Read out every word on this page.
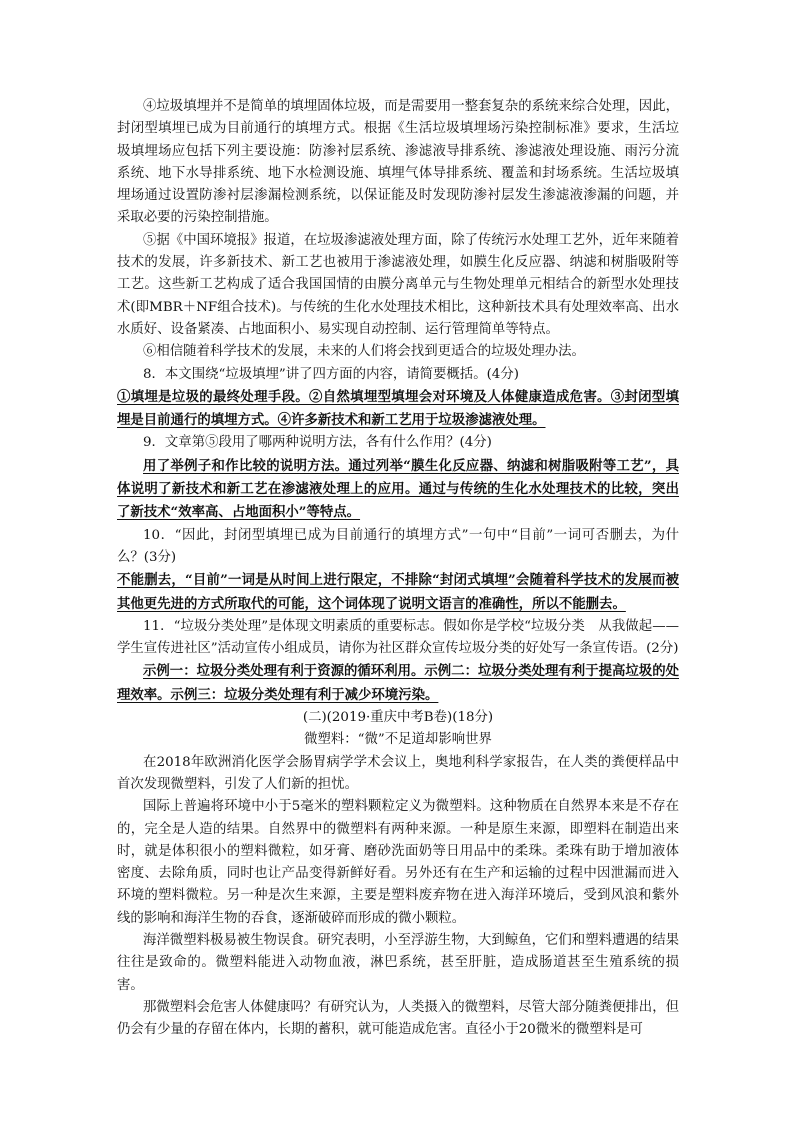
④垃圾填埋并不是简单的填埋固体垃圾，而是需要用一整套复杂的系统来综合处理，因此，封闭型填埋已成为目前通行的填埋方式。根据《生活垃圾填埋场污染控制标准》要求，生活垃圾填埋场应包括下列主要设施：防渗衬层系统、渗滤液导排系统、渗滤液处理设施、雨污分流系统、地下水导排系统、地下水检测设施、填埋气体导排系统、覆盖和封场系统。生活垃圾填埋场通过设置防渗衬层渗漏检测系统，以保证能及时发现防渗衬层发生渗滤液渗漏的问题，并采取必要的污染控制措施。

⑤据《中国环境报》报道，在垃圾渗滤液处理方面，除了传统污水处理工艺外，近年来随着技术的发展，许多新技术、新工艺也被用于渗滤液处理，如膜生化反应器、纳滤和树脂吸附等工艺。这些新工艺构成了适合我国国情的由膜分离单元与生物处理单元相结合的新型水处理技术(即MBR＋NF组合技术)。与传统的生化水处理技术相比，这种新技术具有处理效率高、出水水质好、设备紧凑、占地面积小、易实现自动控制、运行管理简单等特点。

⑥相信随着科学技术的发展，未来的人们将会找到更适合的垃圾处理办法。

8．本文围绕“垃圾填埋”讲了四方面的内容，请简要概括。(4分)

①填埋是垃圾的最终处理手段。②自然填埋型填埋会对环境及人体健康造成危害。③封闭型填埋是目前通行的填埋方式。④许多新技术和新工艺用于垃圾渗滤液处理。

9．文章第⑤段用了哪两种说明方法，各有什么作用？(4分)

用了举例子和作比较的说明方法。通过列举“膜生化反应器、纳滤和树脂吸附等工艺”，具体说明了新技术和新工艺在渗滤液处理上的应用。通过与传统的生化水处理技术的比较，突出了新技术“效率高、占地面积小”等特点。

10．“因此，封闭型填埋已成为目前通行的填埋方式”一句中“目前”一词可否删去，为什么？(3分)

不能删去，“目前”一词是从时间上进行限定，不排除“封闭式填埋”会随着科学技术的发展而被其他更先进的方式所取代的可能，这个词体现了说明文语言的准确性，所以不能删去。

11．“垃圾分类处理”是体现文明素质的重要标志。假如你是学校“垃圾分类　从我做起——学生宣传进社区”活动宣传小组成员，请你为社区群众宣传垃圾分类的好处写一条宣传语。(2分)

示例一：垃圾分类处理有利于资源的循环利用。示例二：垃圾分类处理有利于提高垃圾的处理效率。示例三：垃圾分类处理有利于减少环境污染。

(二)(2019·重庆中考B卷)(18分)

微塑料：“微”不足道却影响世界

在2018年欧洲消化医学会肠胃病学学术会议上，奥地利科学家报告，在人类的粪便样品中首次发现微塑料，引发了人们新的担忧。

国际上普遍将环境中小于5毫米的塑料颗粒定义为微塑料。这种物质在自然界本来是不存在的，完全是人造的结果。自然界中的微塑料有两种来源。一种是原生来源，即塑料在制造出来时，就是体积很小的塑料微粒，如牙膏、磨砂洗面奶等日用品中的柔珠。柔珠有助于增加液体密度、去除角质，同时也让产品变得新鲜好看。另外还有在生产和运输的过程中因泄漏而进入环境的塑料微粒。另一种是次生来源，主要是塑料废弃物在进入海洋环境后，受到风浪和紫外线的影响和海洋生物的吞食，逐渐破碎而形成的微小颗粒。

海洋微塑料极易被生物误食。研究表明，小至浮游生物，大到鲸鱼，它们和塑料遭遇的结果往往是致命的。微塑料能进入动物血液，淋巴系统，甚至肝脏，造成肠道甚至生殖系统的损害。

那微塑料会危害人体健康吗？有研究认为，人类摄入的微塑料，尽管大部分随粪便排出，但仍会有少量的存留在体内，长期的蓄积，就可能造成危害。直径小于20微米的微塑料是可
